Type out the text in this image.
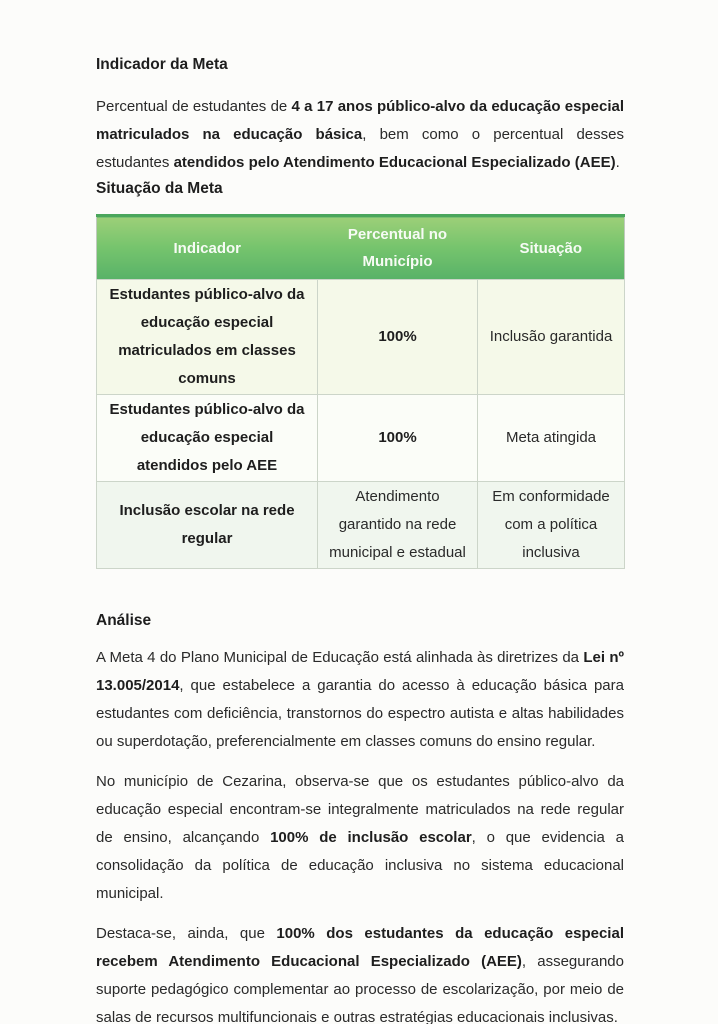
Indicador da Meta

Percentual de estudantes de 4 a 17 anos público-alvo da educação especial matriculados na educação básica, bem como o percentual desses estudantes atendidos pelo Atendimento Educacional Especializado (AEE).

Situação da Meta
Indicador	Percentual no Município	Situação
Estudantes público-alvo da educação especial matriculados em classes comuns	100%	Inclusão garantida
Estudantes público-alvo da educação especial atendidos pelo AEE	100%	Meta atingida
Inclusão escolar na rede regular	Atendimento garantido na rede municipal e estadual	Em conformidade com a política inclusiva
Análise

A Meta 4 do Plano Municipal de Educação está alinhada às diretrizes da Lei nº 13.005/2014, que estabelece a garantia do acesso à educação básica para estudantes com deficiência, transtornos do espectro autista e altas habilidades ou superdotação, preferencialmente em classes comuns do ensino regular.

No município de Cezarina, observa-se que os estudantes público-alvo da educação especial encontram-se integralmente matriculados na rede regular de ensino, alcançando 100% de inclusão escolar, o que evidencia a consolidação da política de educação inclusiva no sistema educacional municipal.

Destaca-se, ainda, que 100% dos estudantes da educação especial recebem Atendimento Educacional Especializado (AEE), assegurando suporte pedagógico complementar ao processo de escolarização, por meio de salas de recursos multifuncionais e outras estratégias educacionais inclusivas.
